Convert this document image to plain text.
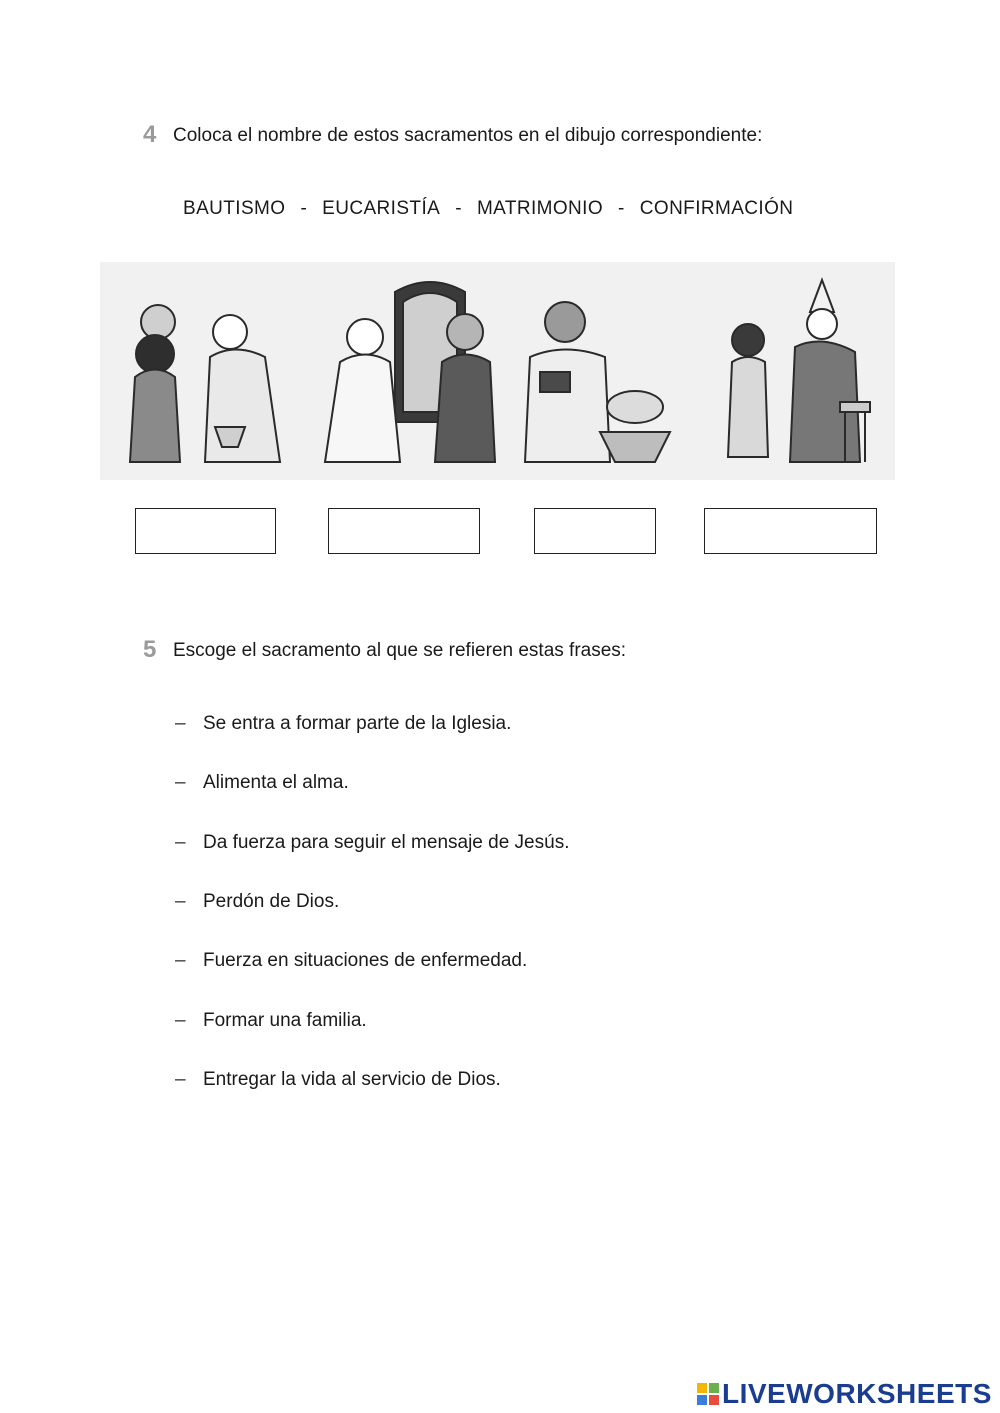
4 Coloca el nombre de estos sacramentos en el dibujo correspondiente:
BAUTISMO - EUCARISTÍA - MATRIMONIO - CONFIRMACIÓN
5 Escoge el sacramento al que se refieren estas frases:
– Se entra a formar parte de la Iglesia.
– Alimenta el alma.
– Da fuerza para seguir el mensaje de Jesús.
– Perdón de Dios.
– Fuerza en situaciones de enfermedad.
– Formar una familia.
– Entregar la vida al servicio de Dios.
LIVEWORKSHEETS
